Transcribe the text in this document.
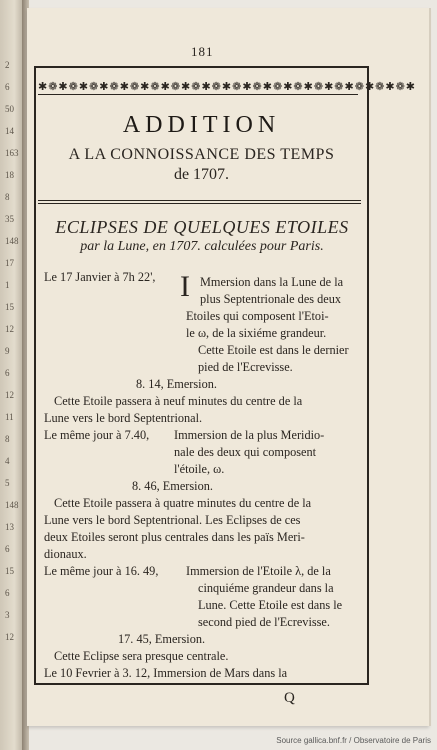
2
6
50
14
163
18
8
35
148
17
1
15
12
9
6
12
11
8
4
5
148
13
6
15
6
3
12
181
✱❁✱❁✱❁✱❁✱❁✱❁✱❁✱❁✱❁✱❁✱❁✱❁✱❁✱❁✱❁✱❁✱❁✱❁✱
ADDITION
A LA CONNOISSANCE DES TEMPS
de 1707.
ECLIPSES DE QUELQUES ETOILES
par la Lune, en 1707. calculées pour Paris.
Le 17 Janvier à 7h 22', I Mmersion dans la Lune de la
plus Septentrionale des deux
Etoiles qui composent l'Etoi-
le ω, de la sixiéme grandeur.
Cette Etoile est dans le dernier
pied de l'Ecrevisse.
8. 14, Emersion.
Cette Etoile passera à neuf minutes du centre de la
Lune vers le bord Septentrional.
Le même jour à 7.40, Immersion de la plus Meridio-
nale des deux qui composent
l'étoile, ω.
8. 46, Emersion.
Cette Etoile passera à quatre minutes du centre de la
Lune vers le bord Septentrional. Les Eclipses de ces
deux Etoiles seront plus centrales dans les païs Meri-
dionaux.
Le même jour à 16. 49, Immersion de l'Etoile λ, de la
cinquiéme grandeur dans la
Lune. Cette Etoile est dans le
second pied de l'Ecrevisse.
17. 45, Emersion.
Cette Eclipse sera presque centrale.
Le 10 Fevrier à 3. 12, Immersion de Mars dans la
Q
Source gallica.bnf.fr / Observatoire de Paris
